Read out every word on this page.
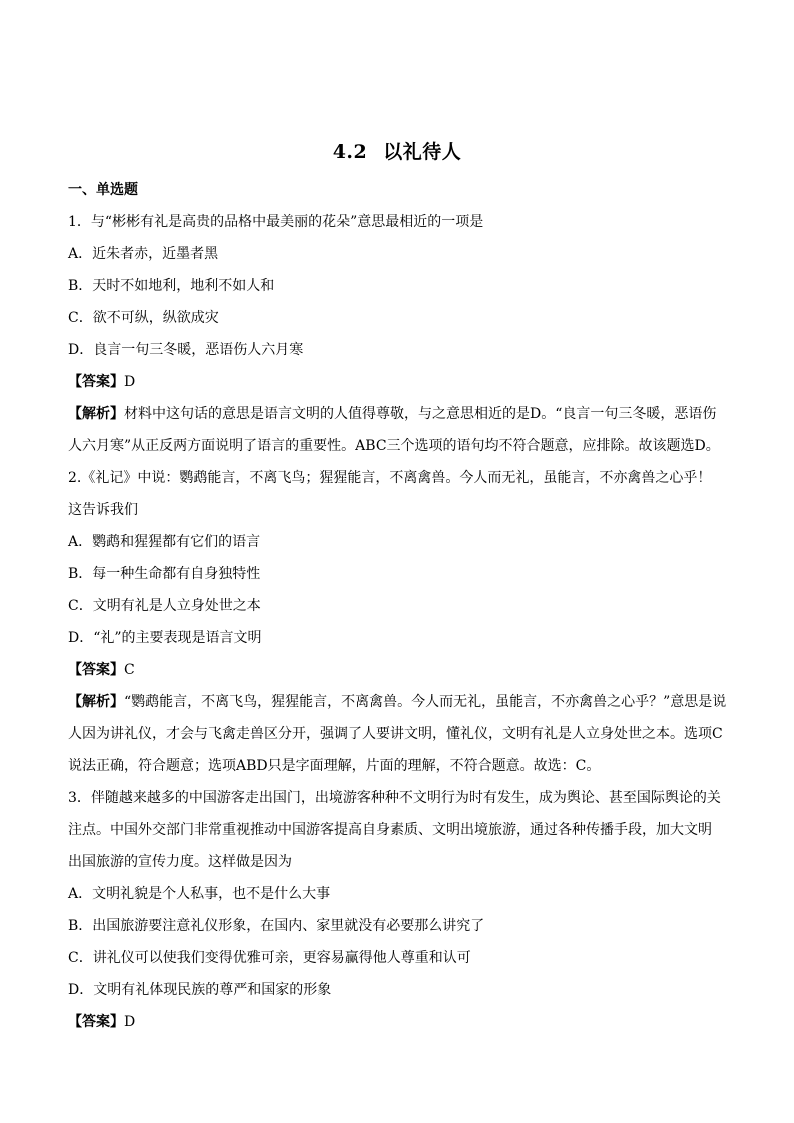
4.2 以礼待人
一、单选题
1．与“彬彬有礼是高贵的品格中最美丽的花朵”意思最相近的一项是
A．近朱者赤，近墨者黑
B．天时不如地利，地利不如人和
C．欲不可纵，纵欲成灾
D．良言一句三冬暖，恶语伤人六月寒
【答案】D
【解析】材料中这句话的意思是语言文明的人值得尊敬，与之意思相近的是D。“良言一句三冬暖，恶语伤
人六月寒”从正反两方面说明了语言的重要性。ABC三个选项的语句均不符合题意，应排除。故该题选D。
2.《礼记》中说：鹦鹉能言，不离飞鸟；猩猩能言，不离禽兽。今人而无礼，虽能言，不亦禽兽之心乎！
这告诉我们
A．鹦鹉和猩猩都有它们的语言
B．每一种生命都有自身独特性
C．文明有礼是人立身处世之本
D．“礼”的主要表现是语言文明
【答案】C
【解析】“鹦鹉能言，不离飞鸟，猩猩能言，不离禽兽。今人而无礼，虽能言，不亦禽兽之心乎？”意思是说
人因为讲礼仪，才会与飞禽走兽区分开，强调了人要讲文明，懂礼仪，文明有礼是人立身处世之本。选项C
说法正确，符合题意；选项ABD只是字面理解，片面的理解，不符合题意。故选：C。
3．伴随越来越多的中国游客走出国门，出境游客种种不文明行为时有发生，成为舆论、甚至国际舆论的关
注点。中国外交部门非常重视推动中国游客提高自身素质、文明出境旅游，通过各种传播手段，加大文明
出国旅游的宣传力度。这样做是因为
A．文明礼貌是个人私事，也不是什么大事
B．出国旅游要注意礼仪形象，在国内、家里就没有必要那么讲究了
C．讲礼仪可以使我们变得优雅可亲，更容易赢得他人尊重和认可
D．文明有礼体现民族的尊严和国家的形象
【答案】D
